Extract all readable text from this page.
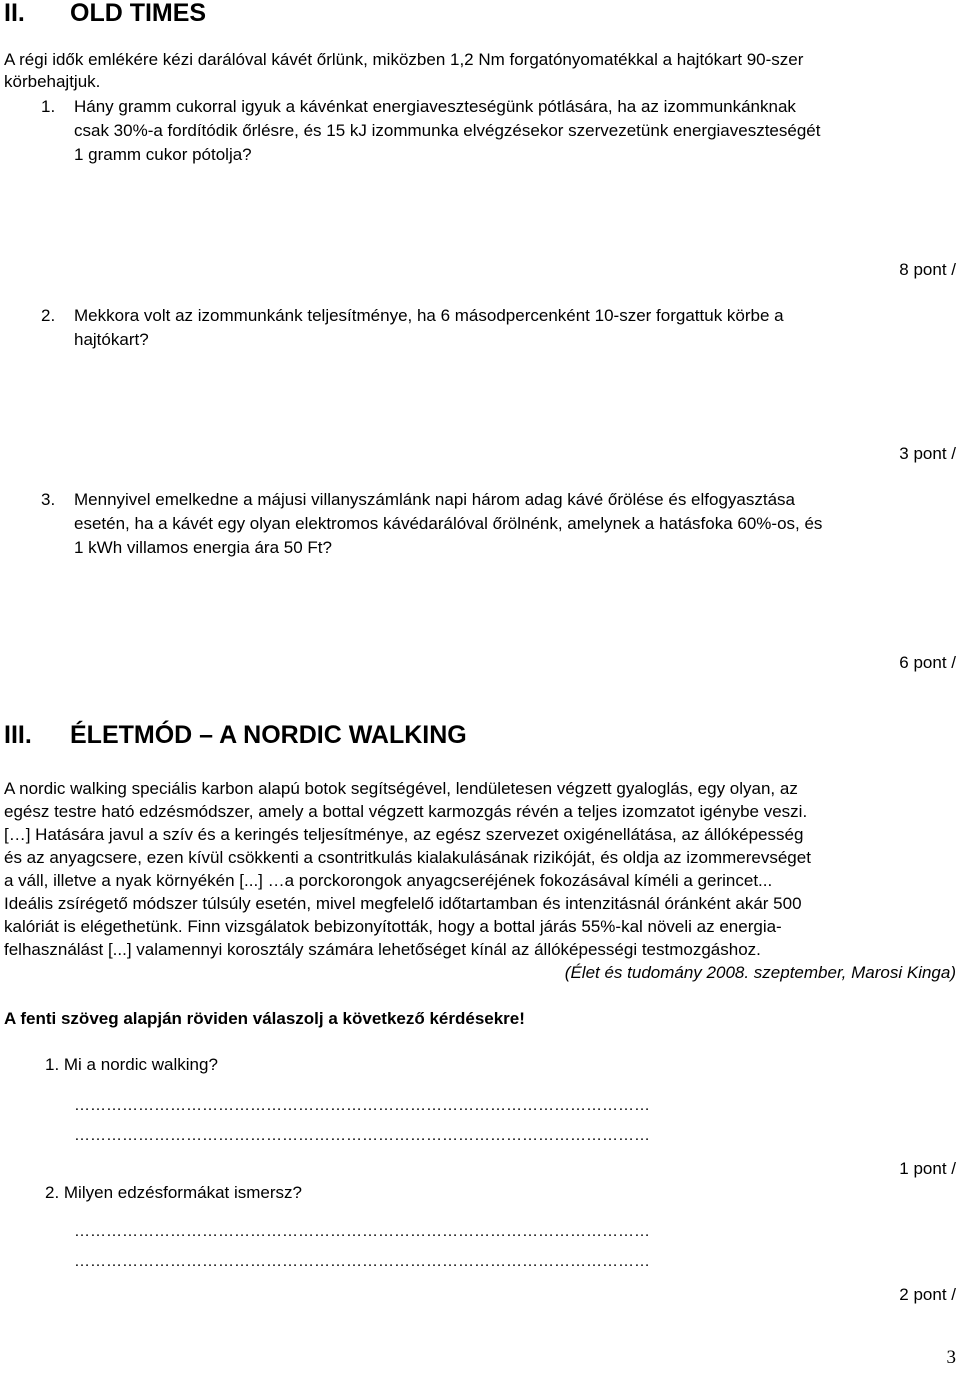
II. OLD TIMES
A régi idők emlékére kézi darálóval kávét őrlünk, miközben 1,2 Nm forgatónyomatékkal a hajtókart 90-szer
körbehajtjuk.
1. Hány gramm cukorral igyuk a kávénkat energiaveszteségünk pótlására, ha az izommunkánknak
csak 30%-a fordítódik őrlésre, és 15 kJ izommunka elvégzésekor szervezetünk energiaveszteségét
1 gramm cukor pótolja?
8 pont /
2. Mekkora volt az izommunkánk teljesítménye, ha 6 másodpercenként 10-szer forgattuk körbe a
hajtókart?
3 pont /
3. Mennyivel emelkedne a májusi villanyszámlánk napi három adag kávé őrölése és elfogyasztása
esetén, ha a kávét egy olyan elektromos kávédarálóval őrölnénk, amelynek a hatásfoka 60%-os, és
1 kWh villamos energia ára 50 Ft?
6 pont /
III. ÉLETMÓD – A NORDIC WALKING
A nordic walking speciális karbon alapú botok segítségével, lendületesen végzett gyaloglás, egy olyan, az
egész testre ható edzésmódszer, amely a bottal végzett karmozgás révén a teljes izomzatot igénybe veszi.
[…] Hatására javul a szív és a keringés teljesítménye, az egész szervezet oxigénellátása, az állóképesség
és az anyagcsere, ezen kívül csökkenti a csontritkulás kialakulásának rizikóját, és oldja az izommerevséget
a váll, illetve a nyak környékén [...] …a porckorongok anyagcseréjének fokozásával kíméli a gerincet...
Ideális zsírégető módszer túlsúly esetén, mivel megfelelő időtartamban és intenzitásnál óránként akár 500
kalóriát is elégethetünk. Finn vizsgálatok bebizonyították, hogy a bottal járás 55%-kal növeli az energia-
felhasználást [...] valamennyi korosztály számára lehetőséget kínál az állóképességi testmozgáshoz.
(Élet és tudomány 2008. szeptember, Marosi Kinga)
A fenti szöveg alapján röviden válaszolj a következő kérdésekre!
1. Mi a nordic walking?
………………………………………………………………………………………………
………………………………………………………………………………………………
1 pont /
2. Milyen edzésformákat ismersz?
………………………………………………………………………………………………
………………………………………………………………………………………………
2 pont /
3
